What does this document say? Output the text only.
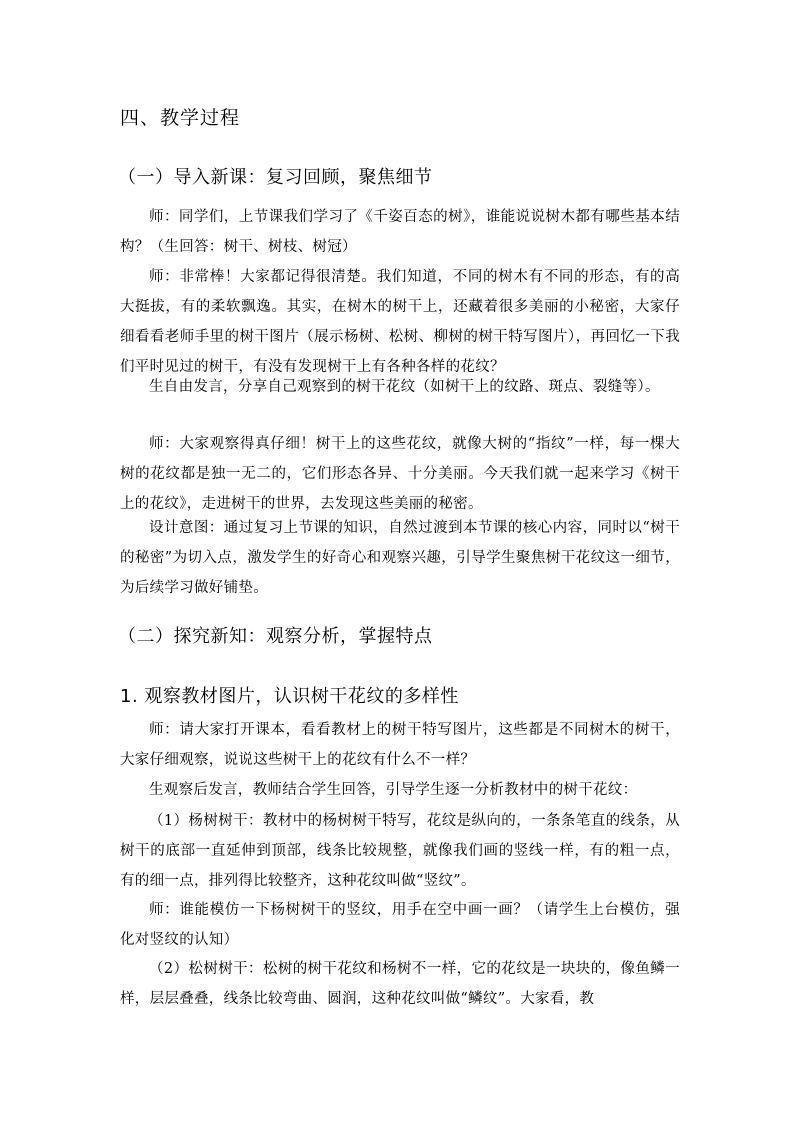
四、教学过程
（一）导入新课：复习回顾，聚焦细节

师：同学们，上节课我们学习了《千姿百态的树》，谁能说说树木都有哪些基本结构？（生回答：树干、树枝、树冠）

师：非常棒！大家都记得很清楚。我们知道，不同的树木有不同的形态，有的高大挺拔，有的柔软飘逸。其实，在树木的树干上，还藏着很多美丽的小秘密，大家仔细看看老师手里的树干图片（展示杨树、松树、柳树的树干特写图片），再回忆一下我们平时见过的树干，有没有发现树干上有各种各样的花纹？

生自由发言，分享自己观察到的树干花纹（如树干上的纹路、斑点、裂缝等）。

师：大家观察得真仔细！树干上的这些花纹，就像大树的“指纹”一样，每一棵大树的花纹都是独一无二的，它们形态各异、十分美丽。今天我们就一起来学习《树干上的花纹》，走进树干的世界，去发现这些美丽的秘密。

设计意图：通过复习上节课的知识，自然过渡到本节课的核心内容，同时以“树干的秘密”为切入点，激发学生的好奇心和观察兴趣，引导学生聚焦树干花纹这一细节，为后续学习做好铺垫。

（二）探究新知：观察分析，掌握特点
1. 观察教材图片，认识树干花纹的多样性

师：请大家打开课本，看看教材上的树干特写图片，这些都是不同树木的树干，大家仔细观察，说说这些树干上的花纹有什么不一样？

生观察后发言，教师结合学生回答，引导学生逐一分析教材中的树干花纹：

（1）杨树树干：教材中的杨树树干特写，花纹是纵向的，一条条笔直的线条，从树干的底部一直延伸到顶部，线条比较规整，就像我们画的竖线一样，有的粗一点，有的细一点，排列得比较整齐，这种花纹叫做“竖纹”。

师：谁能模仿一下杨树树干的竖纹，用手在空中画一画？（请学生上台模仿，强化对竖纹的认知）

（2）松树树干：松树的树干花纹和杨树不一样，它的花纹是一块块的，像鱼鳞一样，层层叠叠，线条比较弯曲、圆润，这种花纹叫做“鳞纹”。大家看，教
